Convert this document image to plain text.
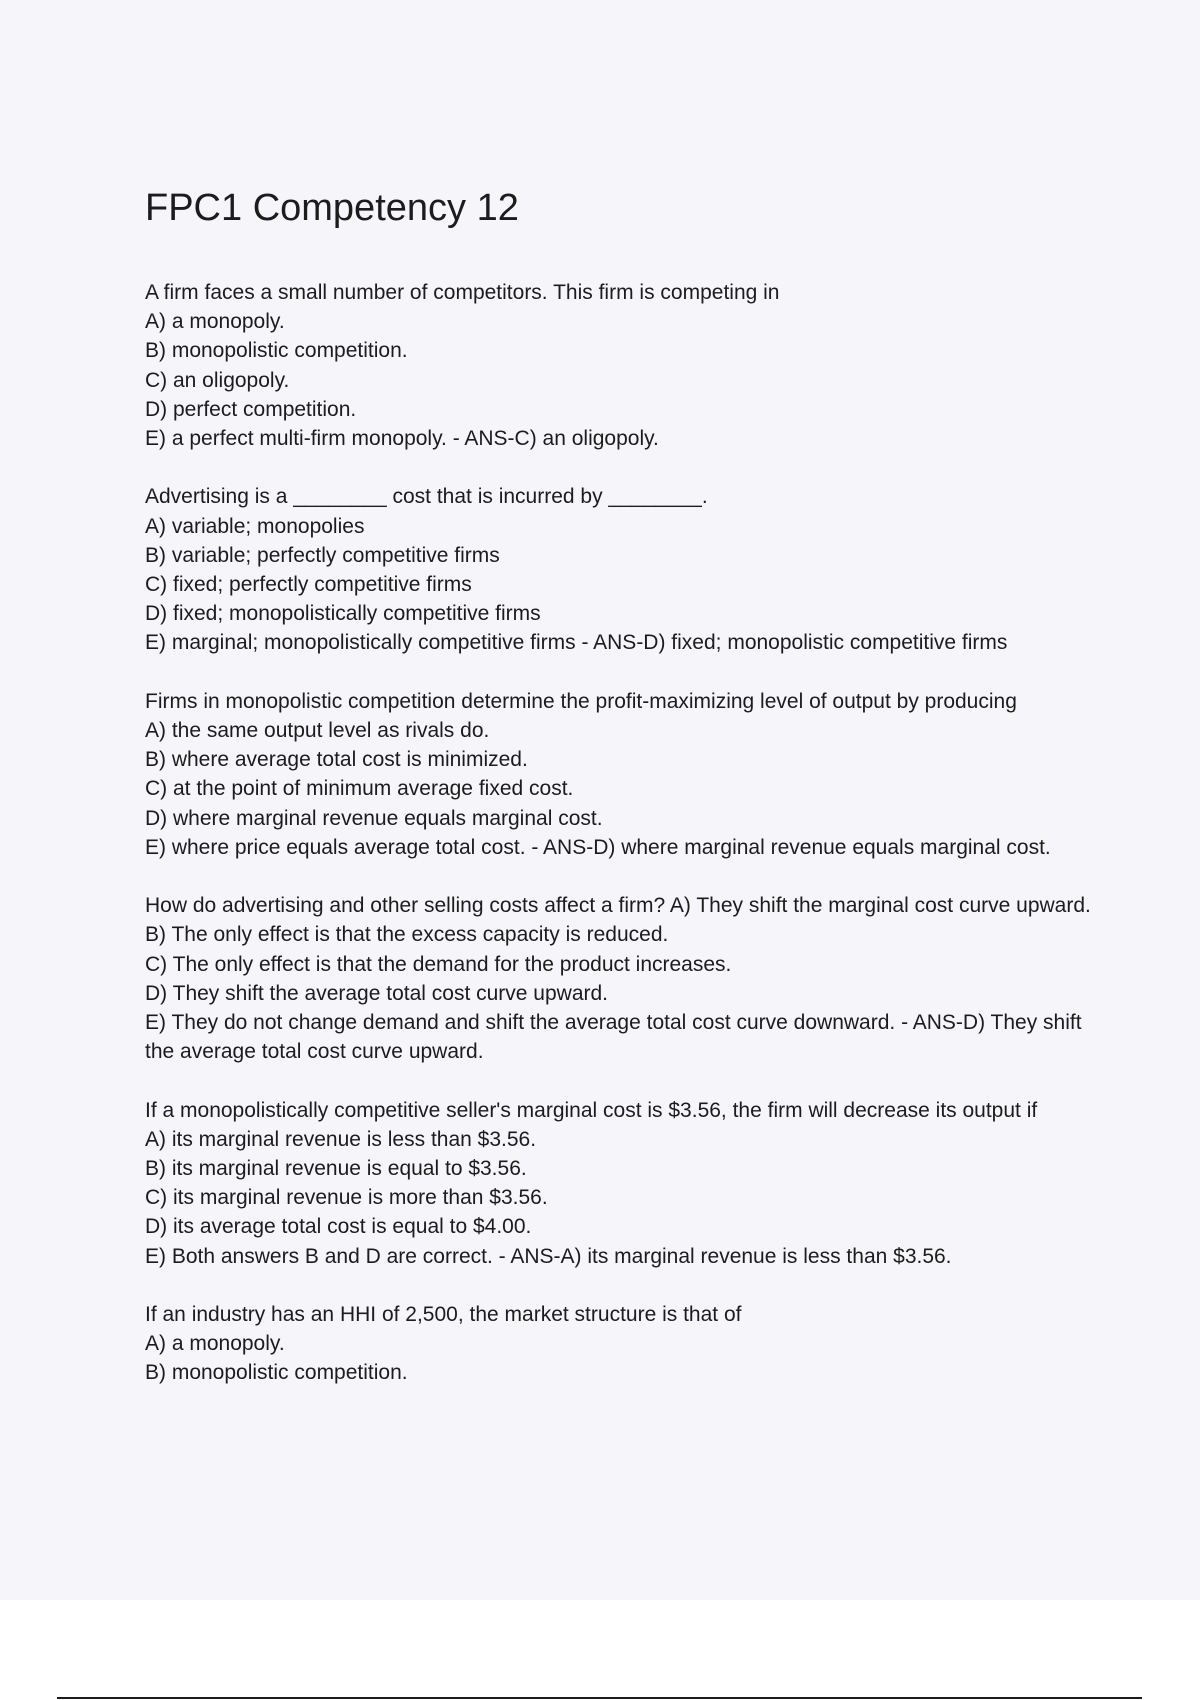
FPC1 Competency 12
A firm faces a small number of competitors. This firm is competing in
A) a monopoly.
B) monopolistic competition.
C) an oligopoly.
D) perfect competition.
E) a perfect multi-firm monopoly. - ANS-C) an oligopoly.
Advertising is a ________ cost that is incurred by ________.
A) variable; monopolies
B) variable; perfectly competitive firms
C) fixed; perfectly competitive firms
D) fixed; monopolistically competitive firms
E) marginal; monopolistically competitive firms - ANS-D) fixed; monopolistic competitive firms
Firms in monopolistic competition determine the profit-maximizing level of output by producing
A) the same output level as rivals do.
B) where average total cost is minimized.
C) at the point of minimum average fixed cost.
D) where marginal revenue equals marginal cost.
E) where price equals average total cost. - ANS-D) where marginal revenue equals marginal cost.
How do advertising and other selling costs affect a firm? A) They shift the marginal cost curve upward.
B) The only effect is that the excess capacity is reduced.
C) The only effect is that the demand for the product increases.
D) They shift the average total cost curve upward.
E) They do not change demand and shift the average total cost curve downward. - ANS-D) They shift the average total cost curve upward.
If a monopolistically competitive seller's marginal cost is $3.56, the firm will decrease its output if
A) its marginal revenue is less than $3.56.
B) its marginal revenue is equal to $3.56.
C) its marginal revenue is more than $3.56.
D) its average total cost is equal to $4.00.
E) Both answers B and D are correct. - ANS-A) its marginal revenue is less than $3.56.
If an industry has an HHI of 2,500, the market structure is that of
A) a monopoly.
B) monopolistic competition.
